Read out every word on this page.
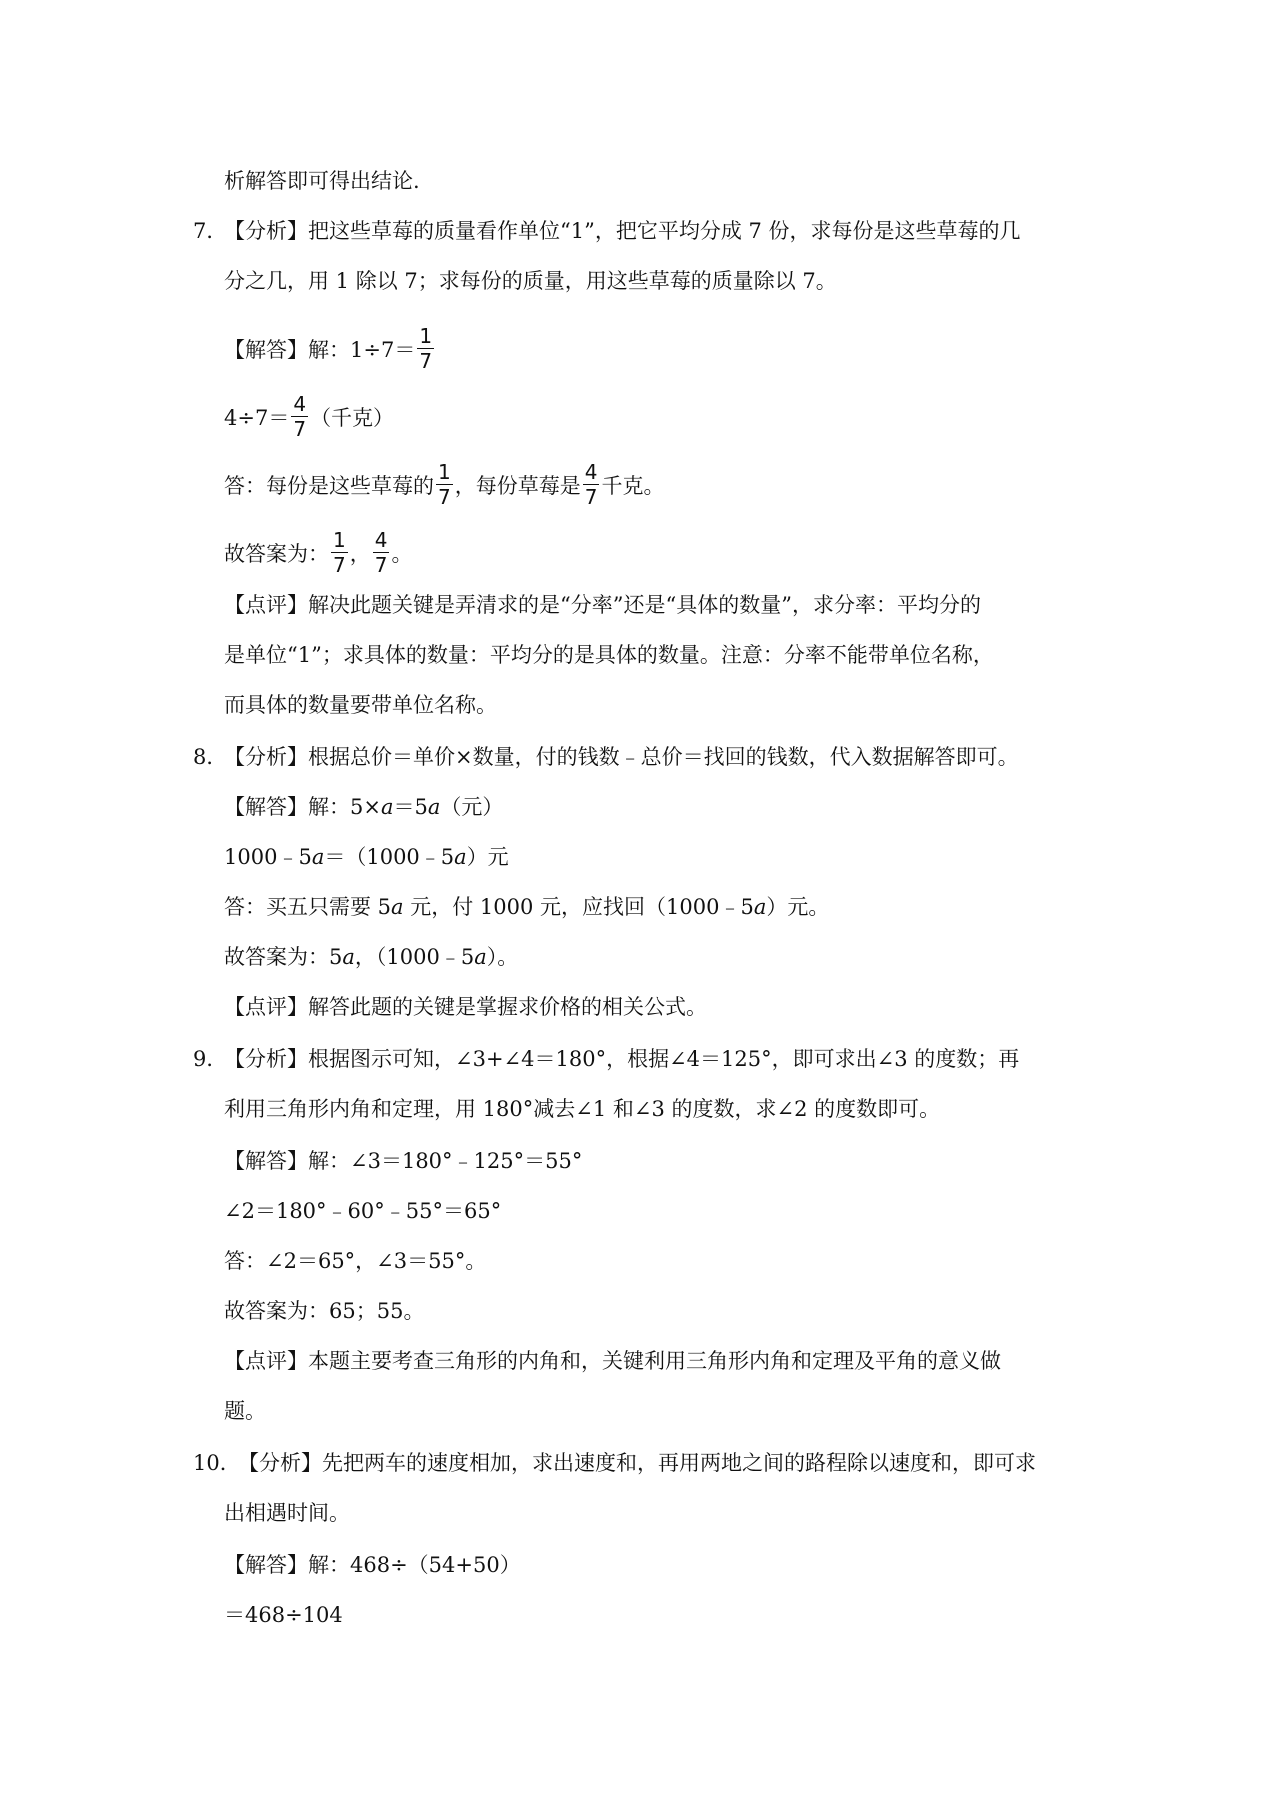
析解答即可得出结论.
7．
【分析】把这些草莓的质量看作单位“1”，把它平均分成 7 份，求每份是这些草莓的几
分之几，用 1 除以 7；求每份的质量，用这些草莓的质量除以 7。
【解答】解：$1\div 7= \frac{1}{7}$
$4\div 7= \frac{4}{7}$ （千克）
答：每份是这些草莓的 $\frac{1}{7}$ ，每份草莓是 $\frac{4}{7}$ 千克。
故答案为： $\frac{1}{7}$ ， $\frac{4}{7}$ 。
【点评】解决此题关键是弄清求的是“分率”还是“具体的数量”，求分率：平均分的
是单位“1”；求具体的数量：平均分的是具体的数量。注意：分率不能带单位名称，
而具体的数量要带单位名称。
8．
【分析】根据总价＝单价×数量，付的钱数﹣总价＝找回的钱数，代入数据解答即可。
【解答】解：5×a＝5a（元）
1000﹣5a＝（1000﹣5a）元
答：买五只需要 5a 元，付 1000 元，应找回（1000﹣5a）元。
故答案为：5a，（1000﹣5a）。
【点评】解答此题的关键是掌握求价格的相关公式。
9．
【分析】根据图示可知，∠3+∠4＝180°，根据∠4＝125°，即可求出∠3 的度数；再
利用三角形内角和定理，用 180°减去∠1 和∠3 的度数，求∠2 的度数即可。
【解答】解：∠3＝180°﹣125°＝55°
∠2＝180°﹣60°﹣55°＝65°
答：∠2＝65°，∠3＝55°。
故答案为：65；55。
【点评】本题主要考查三角形的内角和，关键利用三角形内角和定理及平角的意义做
题。
10．
【分析】先把两车的速度相加，求出速度和，再用两地之间的路程除以速度和，即可求
出相遇时间。
【解答】解：468÷（54+50）
＝468÷104
